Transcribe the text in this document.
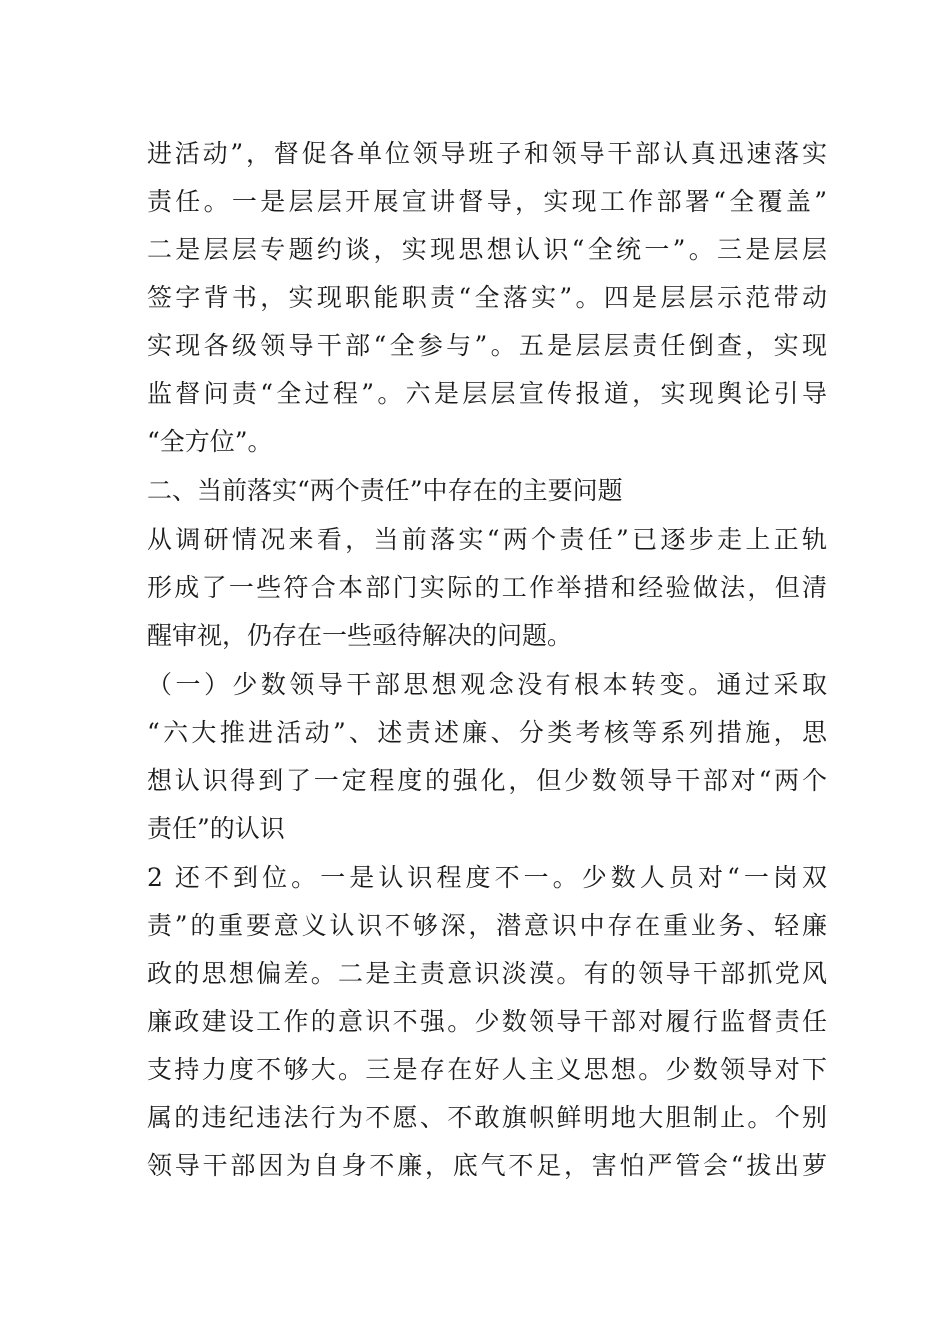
进活动”，督促各单位领导班子和领导干部认真迅速落实
责任。一是层层开展宣讲督导，实现工作部署“全覆盖”
二是层层专题约谈，实现思想认识“全统一”。三是层层
签字背书，实现职能职责“全落实”。四是层层示范带动
实现各级领导干部“全参与”。五是层层责任倒查，实现
监督问责“全过程”。六是层层宣传报道，实现舆论引导
“全方位”。
二、当前落实“两个责任”中存在的主要问题
从调研情况来看，当前落实“两个责任”已逐步走上正轨
形成了一些符合本部门实际的工作举措和经验做法，但清
醒审视，仍存在一些亟待解决的问题。
（一）少数领导干部思想观念没有根本转变。通过采取
“六大推进活动”、述责述廉、分类考核等系列措施，思
想认识得到了一定程度的强化，但少数领导干部对“两个
责任”的认识
2 还不到位。一是认识程度不一。少数人员对“一岗双
责”的重要意义认识不够深，潜意识中存在重业务、轻廉
政的思想偏差。二是主责意识淡漠。有的领导干部抓党风
廉政建设工作的意识不强。少数领导干部对履行监督责任
支持力度不够大。三是存在好人主义思想。少数领导对下
属的违纪违法行为不愿、不敢旗帜鲜明地大胆制止。个别
领导干部因为自身不廉，底气不足，害怕严管会“拔出萝
